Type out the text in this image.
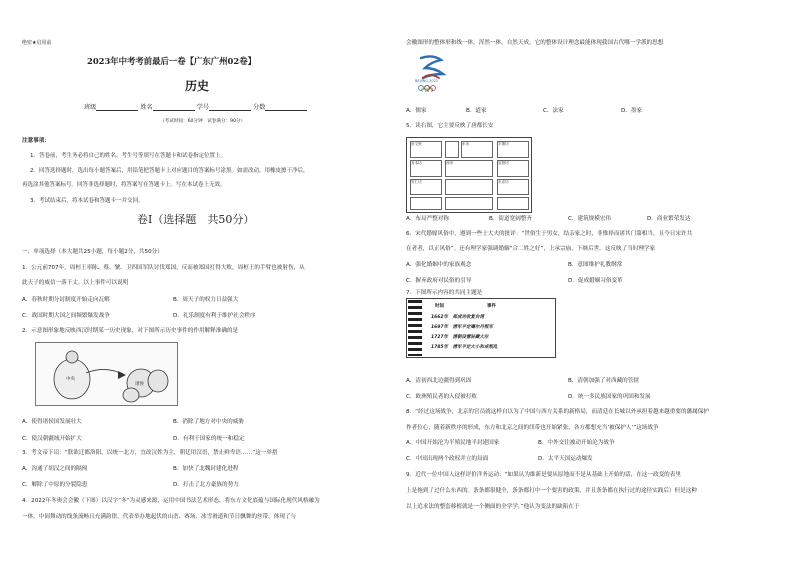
绝密★启用前
2023年中考考前最后一卷【广东广州02卷】
历史
班级	姓名	学号	分数
（考试时间：60分钟　试卷满分：90分）
注意事项：
1．答卷前，考生务必将自己的姓名、考生号等填写在答题卡和试卷指定位置上。
2．回答选择题时，选出每小题答案后，用铅笔把答题卡上对应题目的答案标号涂黑。如需改动，用橡皮擦干净后，
再选涂其他答案标号。回答非选择题时，将答案写在答题卡上。写在本试卷上无效。
3．考试结束后，将本试卷和答题卡一并交回。
卷Ⅰ（选择题　共50分）
一、单项选择（本大题共25小题，每小题2分，共50分）
1．公元前707年，周桓王率陈、蔡、虢、卫四国军队讨伐郑国，反而被郑国打得大败，周桓王的手臂也被射伤，从
此天子的威信一落千丈。以上事件可以说明
A．春秋时期分封制度开始走向瓦解	B．周天子的权力日益强大
C．战国时期大国之间频繁爆发战争	D．礼乐制度有利于维护社会秩序
2．示意图形象地反映西汉时期某一历史现象，对下图所示历史事件的作用解释准确的是
中央
诸侯
A．使得诸侯国发展壮大	B．消除了地方对中央的威胁
C．使汉朝疆域开始扩大	D．有利于国家的统一和稳定
3．考文帝下诏：“朕欲迁都洛阳，以统一北方，宜改汉姓为主，朝廷用汉语，禁止鲜卑语……”这一举措
A．沟通了胡汉之间的隔阂	B．加快了北魏封建化进程
C．解除了中原的分裂隐患	D．打击了北方豪族的势力
4．2022年冬奥会会徽（下图）以汉字“冬”为灵感来源，运用中国书法艺术形态，将东方文化底蕴与国际化现代风格融为
一体。中间舞动的线条流畅且充满韵律，代表举办地起伏的山峦、赛场、冰雪滑道和节日飘舞的丝带，体现了与
会徽图形的整体形和线一体，浑然一体，自然天成，它的整体设计理念最能体现我国古代哪一学派的思想
BEIJING 2022
A．儒家	B．道家	C．法家	D．墨家
5．读右图，它主要反映了唐都长安
崇义里	东市	平康坊
务本坊	西市	宣阳坊
安仁坊	永乐坊
A．布局严整对称	B．街道宽阔整齐	C．建筑规模宏伟	D．商业繁荣发达
6．宋代婚嫁风俗中，遵到一些士大夫的批评：“世俗生于男女，结亲家之时，非惟择而诸其门第相当，且今日宋许共
在者者，以正风俗”。还有理学家强调婚姻“合二姓之好”，上承宗庙，下继后世。这反映了当时理学家
A．强化婚姻中的家族观念	B．意图维护礼教纲常
C．摒弃政府对民俗的引导	D．促成婚姻习俗变革
7．下图所示内容的共同主题是
时间	事件
1662年　 郑成功收复台湾
1697年　 清军平定噶尔丹叛军
1727年　 清朝设置驻藏大臣
1785年　 清军平定大小和卓叛乱
A．清初西北边疆得到巩固	B．清朝加强了对西藏的管辖
C．欧洲殖民者的入侵被打败	D．统一多民族国家的巩固和发展
8．“经过这场战争，北京的官员就这样自以为了中国与西方关系的新格局，而清廷在长城以外承担着越来越重要的藩属保护
作者位心，随着新秩序的形成，东方和北京之间的纽带也开始紧张，各方都想充当‘被保护人’”这场战争
A．中国开始沦为半殖民地半封建国家	B．中外交往被动开始沦为战争
C．中国出现两个政权并立的局面	D．太平天国运动爆发
9．近代一位中国人这样评价洋务运动：“如果认为维新是要从原地而不是从基础上开始的话，在这一政变的表里
上是拖到了过什么东西的。条条都很健全，条条都打中一个要害的政策，并且条条都在执行过的途径实践后）但是这种
以上追求法的整套移植就是一个侧面的全学学。”他认为变法的缺陷在于
